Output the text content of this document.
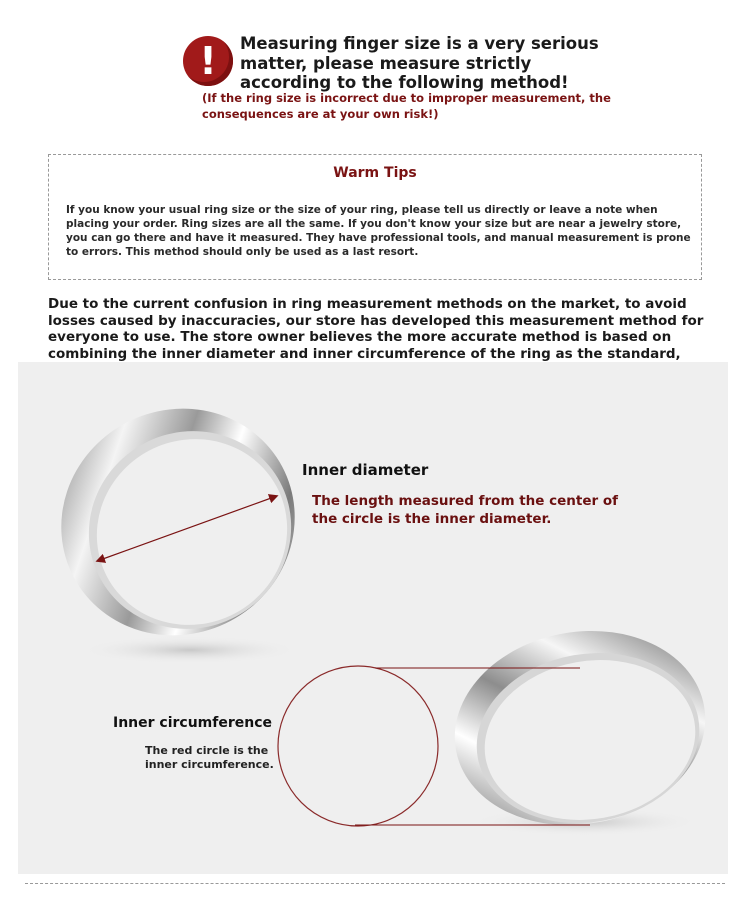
!	Measuring finger size is a very serious matter, please measure strictly according to the following method!
(If the ring size is incorrect due to improper measurement, the consequences are at your own risk!)
Warm Tips
If you know your usual ring size or the size of your ring, please tell us directly or leave a note when placing your order. Ring sizes are all the same. If you don't know your size but are near a jewelry store, you can go there and have it measured. They have professional tools, and manual measurement is prone to errors. This method should only be used as a last resort.
Due to the current confusion in ring measurement methods on the market, to avoid losses caused by inaccuracies, our store has developed this measurement method for everyone to use. The store owner believes the more accurate method is based on combining the inner diameter and inner circumference of the ring as the standard,
Inner diameter
The length measured from the center of the circle is the inner diameter.
Inner circumference
The red circle is the inner circumference.
